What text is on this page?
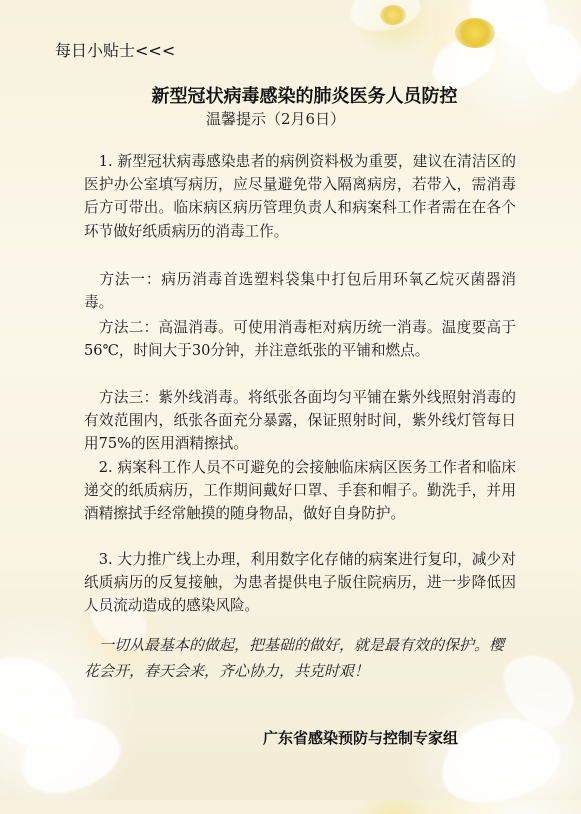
每日小贴士<<<
新型冠状病毒感染的肺炎医务人员防控
温馨提示（2月6日）

　1. 新型冠状病毒感染患者的病例资料极为重要，建议在清洁区的医护办公室填写病历，应尽量避免带入隔离病房，若带入，需消毒后方可带出。临床病区病历管理负责人和病案科工作者需在在各个环节做好纸质病历的消毒工作。

　方法一：病历消毒首选塑料袋集中打包后用环氧乙烷灭菌器消毒。

　方法二：高温消毒。可使用消毒柜对病历统一消毒。温度要高于56℃，时间大于30分钟，并注意纸张的平铺和燃点。

　方法三：紫外线消毒。将纸张各面均匀平铺在紫外线照射消毒的有效范围内，纸张各面充分暴露，保证照射时间，紫外线灯管每日用75%的医用酒精擦拭。

　2. 病案科工作人员不可避免的会接触临床病区医务工作者和临床递交的纸质病历，工作期间戴好口罩、手套和帽子。勤洗手，并用酒精擦拭手经常触摸的随身物品，做好自身防护。

　3. 大力推广线上办理，利用数字化存储的病案进行复印，减少对纸质病历的反复接触，为患者提供电子版住院病历，进一步降低因人员流动造成的感染风险。

　一切从最基本的做起，把基础的做好，就是最有效的保护。樱花会开，春天会来，齐心协力，共克时艰！

广东省感染预防与控制专家组
